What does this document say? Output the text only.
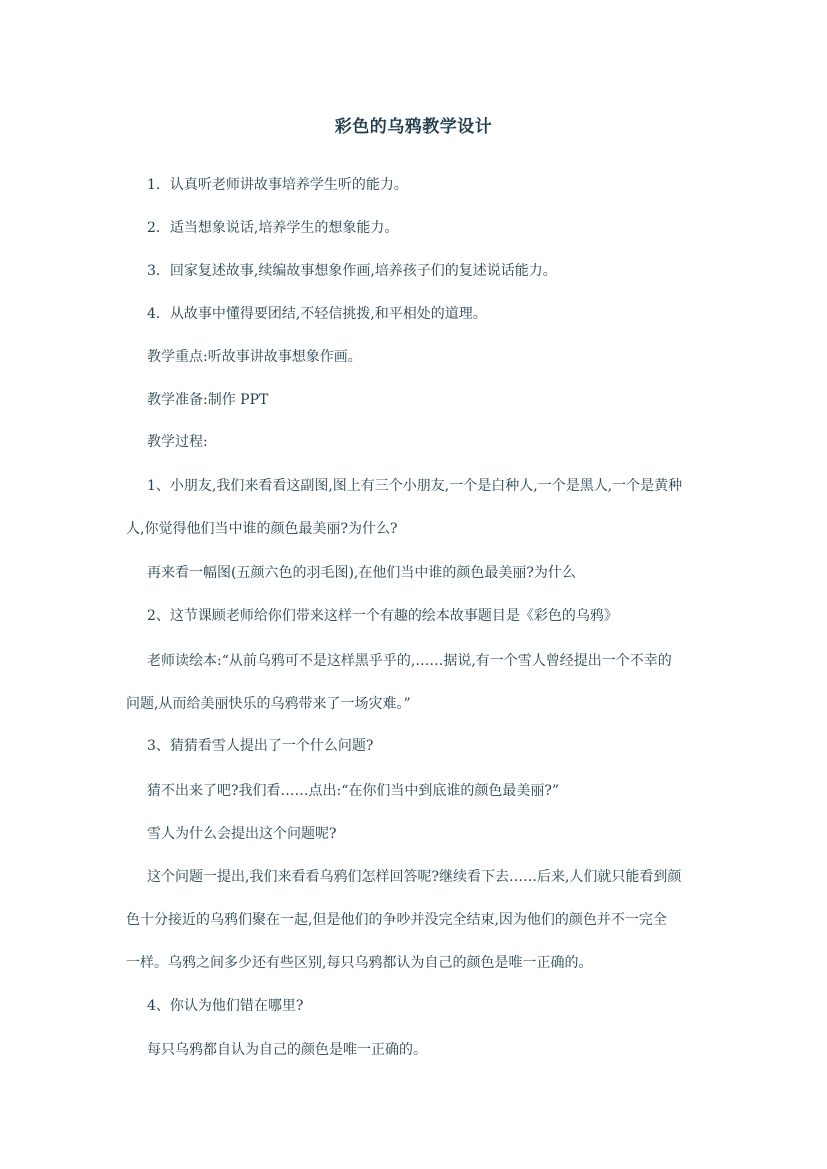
彩色的乌鸦教学设计
1．认真听老师讲故事培养学生听的能力。
2．适当想象说话,培养学生的想象能力。
3．回家复述故事,续编故事想象作画,培养孩子们的复述说话能力。
4．从故事中懂得要团结,不轻信挑拨,和平相处的道理。
教学重点:听故事讲故事想象作画。
教学准备:制作 PPT
教学过程:
1、小朋友,我们来看看这副图,图上有三个小朋友,一个是白种人,一个是黑人,一个是黄种
人,你觉得他们当中谁的颜色最美丽?为什么?
再来看一幅图(五颜六色的羽毛图),在他们当中谁的颜色最美丽?为什么
2、这节课顾老师给你们带来这样一个有趣的绘本故事题目是《彩色的乌鸦》
老师读绘本:“从前乌鸦可不是这样黑乎乎的,……据说,有一个雪人曾经提出一个不幸的
问题,从而给美丽快乐的乌鸦带来了一场灾难。”
3、猜猜看雪人提出了一个什么问题?
猜不出来了吧?我们看……点出:“在你们当中到底谁的颜色最美丽?”
雪人为什么会提出这个问题呢?
这个问题一提出,我们来看看乌鸦们怎样回答呢?继续看下去……后来,人们就只能看到颜
色十分接近的乌鸦们聚在一起,但是他们的争吵并没完全结束,因为他们的颜色并不一完全
一样。乌鸦之间多少还有些区别,每只乌鸦都认为自己的颜色是唯一正确的。
4、你认为他们错在哪里?
每只乌鸦都自认为自己的颜色是唯一正确的。
